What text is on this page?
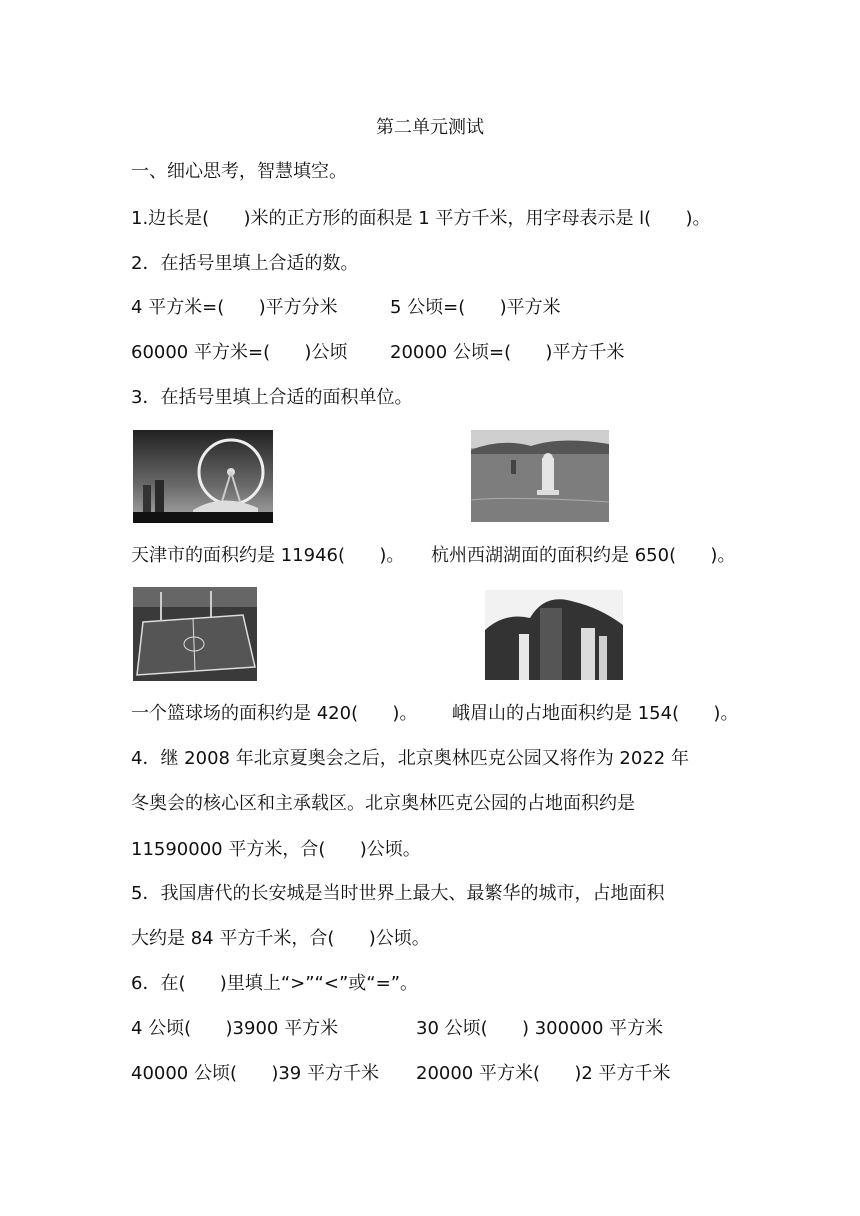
第二单元测试
一、细心思考，智慧填空。
1.边长是(      )米的正方形的面积是 1 平方千米，用字母表示是 l(      )。
2．在括号里填上合适的数。
4 平方米=(      )平方分米	5 公顷=(      )平方米
60000 平方米=(      )公顷 20000 公顷=(      )平方千米
3．在括号里填上合适的面积单位。
天津市的面积约是 11946(      )。 杭州西湖湖面的面积约是 650(      )。
一个篮球场的面积约是 420(      )。 峨眉山的占地面积约是 154(      )。
4．继 2008 年北京夏奥会之后，北京奥林匹克公园又将作为 2022 年
冬奥会的核心区和主承载区。北京奥林匹克公园的占地面积约是
11590000 平方米，合(      )公顷。
5．我国唐代的长安城是当时世界上最大、最繁华的城市，占地面积
大约是 84 平方千米，合(      )公顷。
6．在(      )里填上“>”“<”或“=”。
4 公顷(      )3900 平方米	30 公顷(      ) 300000 平方米
40000 公顷(      )39 平方千米 20000 平方米(      )2 平方千米
